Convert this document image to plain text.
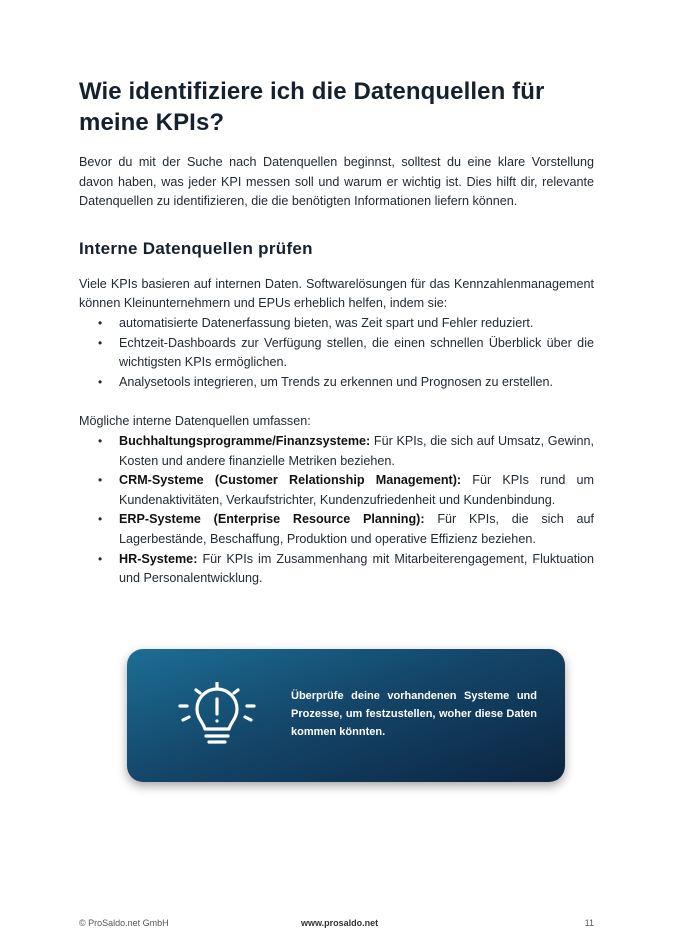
Wie identifiziere ich die Datenquellen für meine KPIs?

Bevor du mit der Suche nach Datenquellen beginnst, solltest du eine klare Vorstellung davon haben, was jeder KPI messen soll und warum er wichtig ist. Dies hilft dir, relevante Datenquellen zu identifizieren, die die benötigten Informationen liefern können.

Interne Datenquellen prüfen

Viele KPIs basieren auf internen Daten. Softwarelösungen für das Kennzahlenmanagement können Kleinunternehmern und EPUs erheblich helfen, indem sie:

• automatisierte Datenerfassung bieten, was Zeit spart und Fehler reduziert.
• Echtzeit-Dashboards zur Verfügung stellen, die einen schnellen Überblick über die wichtigsten KPIs ermöglichen.
• Analysetools integrieren, um Trends zu erkennen und Prognosen zu erstellen.

Mögliche interne Datenquellen umfassen:

• Buchhaltungsprogramme/Finanzsysteme: Für KPIs, die sich auf Umsatz, Gewinn, Kosten und andere finanzielle Metriken beziehen.
• CRM-Systeme (Customer Relationship Management): Für KPIs rund um Kundenaktivitäten, Verkaufstrichter, Kundenzufriedenheit und Kundenbindung.
• ERP-Systeme (Enterprise Resource Planning): Für KPIs, die sich auf Lagerbestände, Beschaffung, Produktion und operative Effizienz beziehen.
• HR-Systeme: Für KPIs im Zusammenhang mit Mitarbeiterengagement, Fluktuation und Personalentwicklung.
Überprüfe deine vorhandenen Systeme und Prozesse, um festzustellen, woher diese Daten kommen könnten.
© ProSaldo.net GmbH	www.prosaldo.net	11
